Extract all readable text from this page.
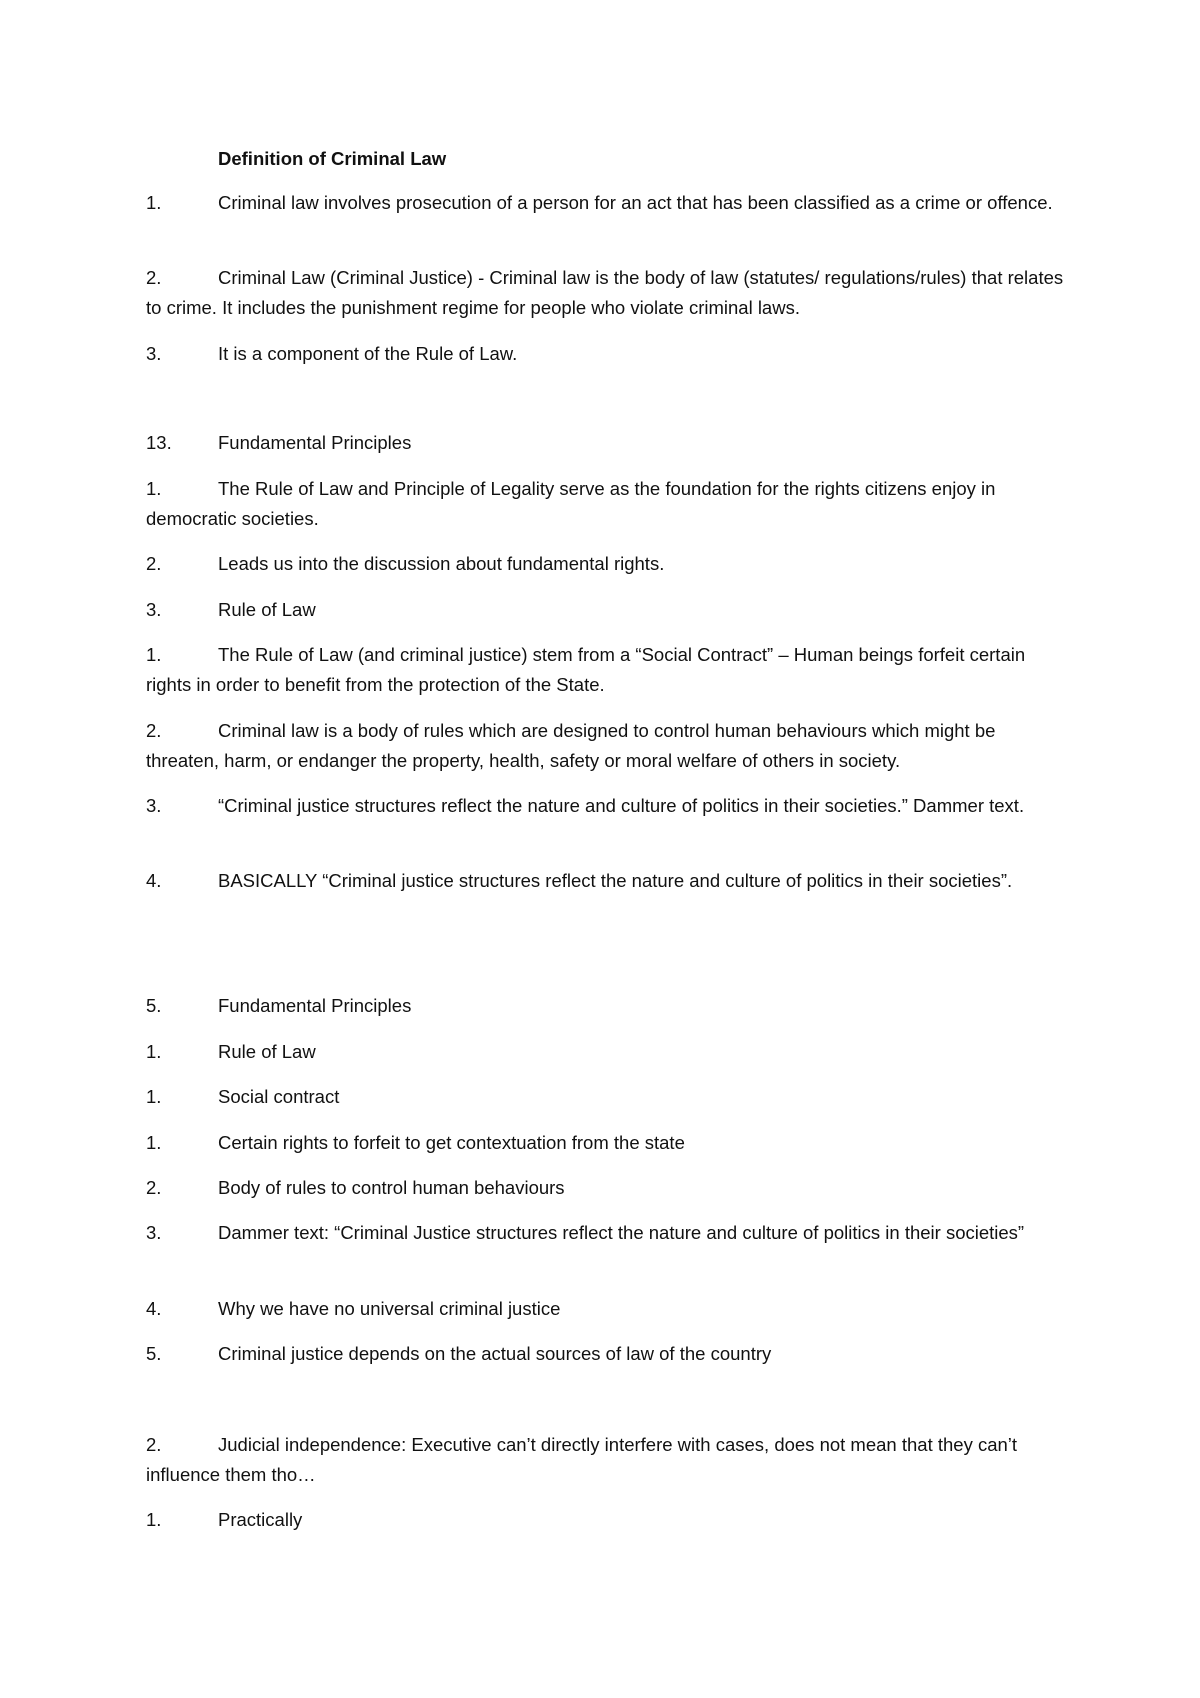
Definition of Criminal Law
1.	Criminal law involves prosecution of a person for an act that has been classified as a crime or offence.
2.	Criminal Law (Criminal Justice) - Criminal law is the body of law (statutes/ regulations/rules) that relates to crime. It includes the punishment regime for people who violate criminal laws.
3.	It is a component of the Rule of Law.
13.	Fundamental Principles
1.	The Rule of Law and Principle of Legality serve as the foundation for the rights citizens enjoy in democratic societies.
2.	Leads us into the discussion about fundamental rights.
3.	Rule of Law
1.	The Rule of Law (and criminal justice) stem from a “Social Contract” – Human beings forfeit certain rights in order to benefit from the protection of the State.
2.	Criminal law is a body of rules which are designed to control human behaviours which might be threaten, harm, or endanger the property, health, safety or moral welfare of others in society.
3.	“Criminal justice structures reflect the nature and culture of politics in their societies.” Dammer text.
4.	BASICALLY “Criminal justice structures reflect the nature and culture of politics in their societies”.
5.	Fundamental Principles
1.	Rule of Law
1.	Social contract
1.	Certain rights to forfeit to get contextuation from the state
2.	Body of rules to control human behaviours
3.	Dammer text: “Criminal Justice structures reflect the nature and culture of politics in their societies”
4.	Why we have no universal criminal justice
5.	Criminal justice depends on the actual sources of law of the country
2.	Judicial independence: Executive can’t directly interfere with cases, does not mean that they can’t influence them tho…
1.	Practically
